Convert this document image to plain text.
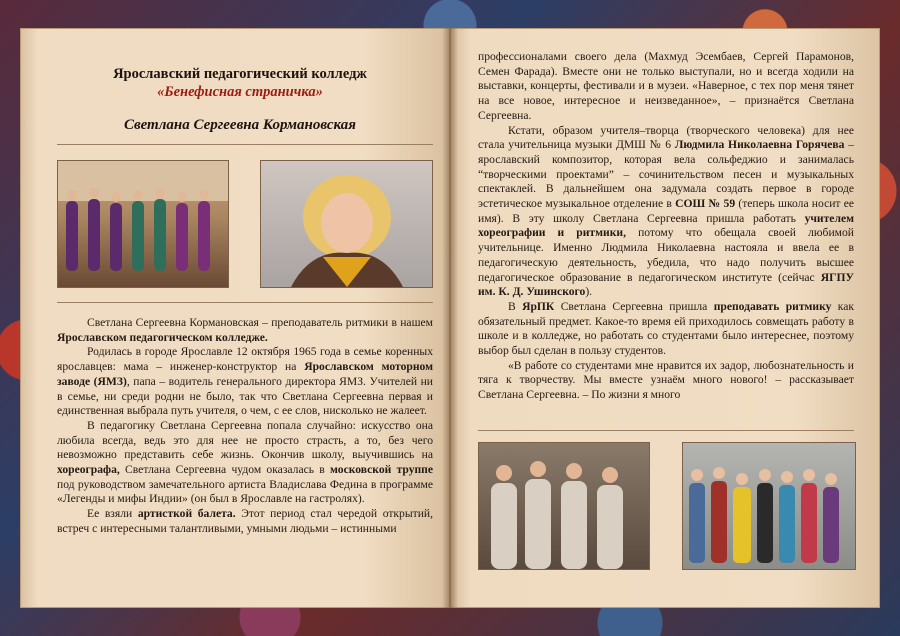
Ярославский педагогический колледж
«Бенефисная страничка»
Светлана Сергеевна Кормановская

Светлана Сергеевна Кормановская – преподаватель ритмики в нашем Ярославском педагогическом колледже.

Родилась в городе Ярославле 12 октября 1965 года в семье коренных ярославцев: мама – инженер-конструктор на Ярославском моторном заводе (ЯМЗ), папа – водитель генерального директора ЯМЗ. Учителей ни в семье, ни среди родни не было, так что Светлана Сергеевна первая и единственная выбрала путь учителя, о чем, с ее слов, нисколько не жалеет.

В педагогику Светлана Сергеевна попала случайно: искусство она любила всегда, ведь это для нее не просто страсть, а то, без чего невозможно представить себе жизнь. Окончив школу, выучившись на хореографа, Светлана Сергеевна чудом оказалась в московской труппе под руководством замечательного артиста Владислава Федина в программе «Легенды и мифы Индии» (он был в Ярославле на гастролях).

Ее взяли артисткой балета. Этот период стал чередой открытий, встреч с интересными талантливыми, умными людьми – истинными

профессионалами своего дела (Махмуд Эсембаев, Сергей Парамонов, Семен Фарада). Вместе они не только выступали, но и всегда ходили на выставки, концерты, фестивали и в музеи. «Наверное, с тех пор меня тянет на все новое, интересное и неизведанное», – признаётся Светлана Сергеевна.

Кстати, образом учителя–творца (творческого человека) для нее стала учительница музыки ДМШ № 6 Людмила Николаевна Горячева – ярославский композитор, которая вела сольфеджио и занималась “творческими проектами” – сочинительством песен и музыкальных спектаклей. В дальнейшем она задумала создать первое в городе эстетическое музыкальное отделение в СОШ № 59 (теперь школа носит ее имя). В эту школу Светлана Сергеевна пришла работать учителем хореографии и ритмики, потому что обещала своей любимой учительнице. Именно Людмила Николаевна настояла и ввела ее в педагогическую деятельность, убедила, что надо получить высшее педагогическое образование в педагогическом институте (сейчас ЯГПУ им. К. Д. Ушинского).

В ЯрПК Светлана Сергеевна пришла преподавать ритмику как обязательный предмет. Какое-то время ей приходилось совмещать работу в школе и в колледже, но работать со студентами было интереснее, поэтому выбор был сделан в пользу студентов.

«В работе со студентами мне нравится их задор, любознательность и тяга к творчеству. Мы вместе узнаём много нового! – рассказывает Светлана Сергеевна. – По жизни я много
